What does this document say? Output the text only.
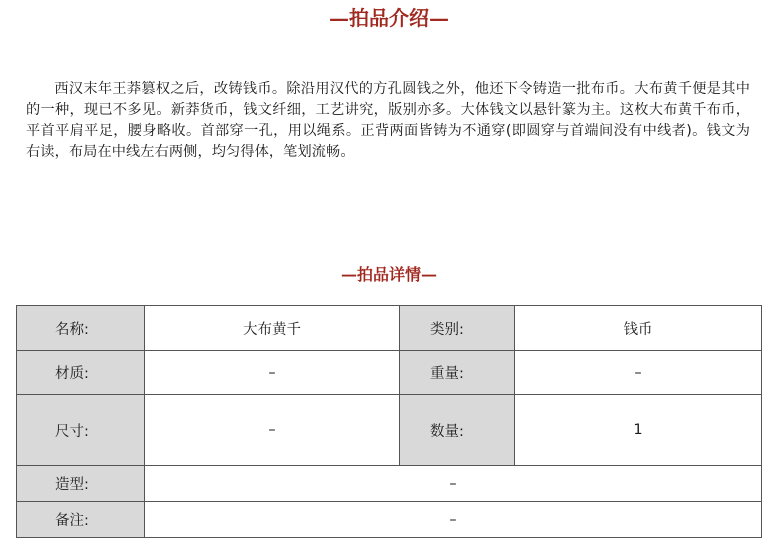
—拍品介绍—

西汉末年王莽篡权之后，改铸钱币。除沿用汉代的方孔圆钱之外，他还下令铸造一批布币。大布黄千便是其中的一种，现已不多见。新莽货币，钱文纤细，工艺讲究，版别亦多。大体钱文以悬针篆为主。这枚大布黄千布币，平首平肩平足，腰身略收。首部穿一孔，用以绳系。正背两面皆铸为不通穿(即圆穿与首端间没有中线者)。钱文为右读，布局在中线左右两侧，均匀得体，笔划流畅。

—拍品详情—
名称:	大布黄千	类别:	钱币
材质:	–	重量:	–
尺寸:	–	数量:	1
造型:	–		
备注:	–		
